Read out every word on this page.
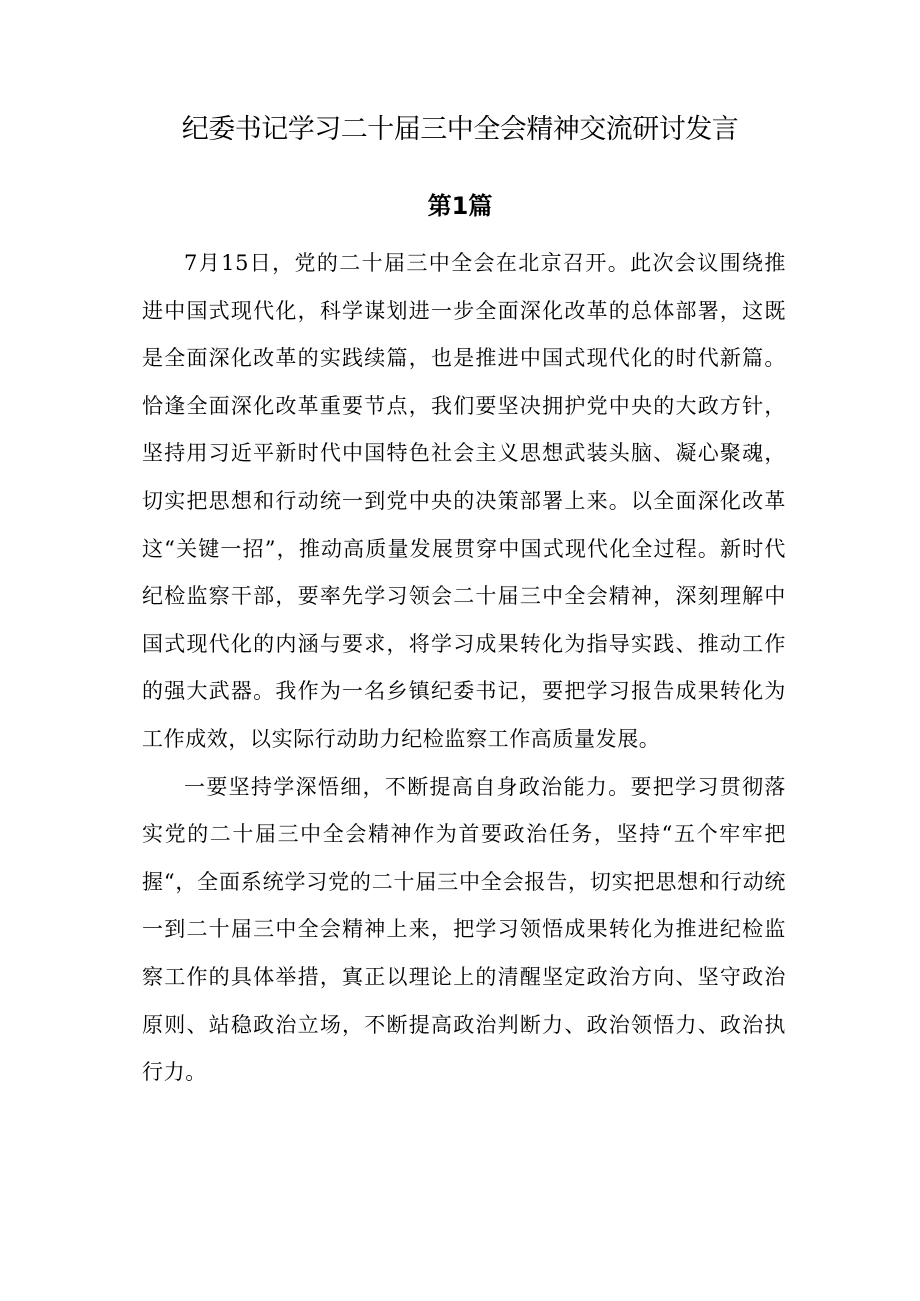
纪委书记学习二十届三中全会精神交流研讨发言
第1篇

7月15日，党的二十届三中全会在北京召开。此次会议围绕推进中国式现代化，科学谋划进一步全面深化改革的总体部署，这既是全面深化改革的实践续篇，也是推进中国式现代化的时代新篇。恰逢全面深化改革重要节点，我们要坚决拥护党中央的大政方针，坚持用习近平新时代中国特色社会主义思想武装头脑、凝心聚魂，切实把思想和行动统一到党中央的决策部署上来。以全面深化改革这“关键一招”，推动高质量发展贯穿中国式现代化全过程。新时代纪检监察干部，要率先学习领会二十届三中全会精神，深刻理解中国式现代化的内涵与要求，将学习成果转化为指导实践、推动工作的强大武器。我作为一名乡镇纪委书记，要把学习报告成果转化为工作成效，以实际行动助力纪检监察工作高质量发展。

一要坚持学深悟细，不断提高自身政治能力。要把学习贯彻落实党的二十届三中全会精神作为首要政治任务，坚持“五个牢牢把握“，全面系统学习党的二十届三中全会报告，切实把思想和行动统一到二十届三中全会精神上来，把学习领悟成果转化为推进纪检监察工作的具体举措，寘正以理论上的清醒坚定政治方向、坚守政治原则、站稳政治立场，不断提高政治判断力、政治领悟力、政治执行力。
